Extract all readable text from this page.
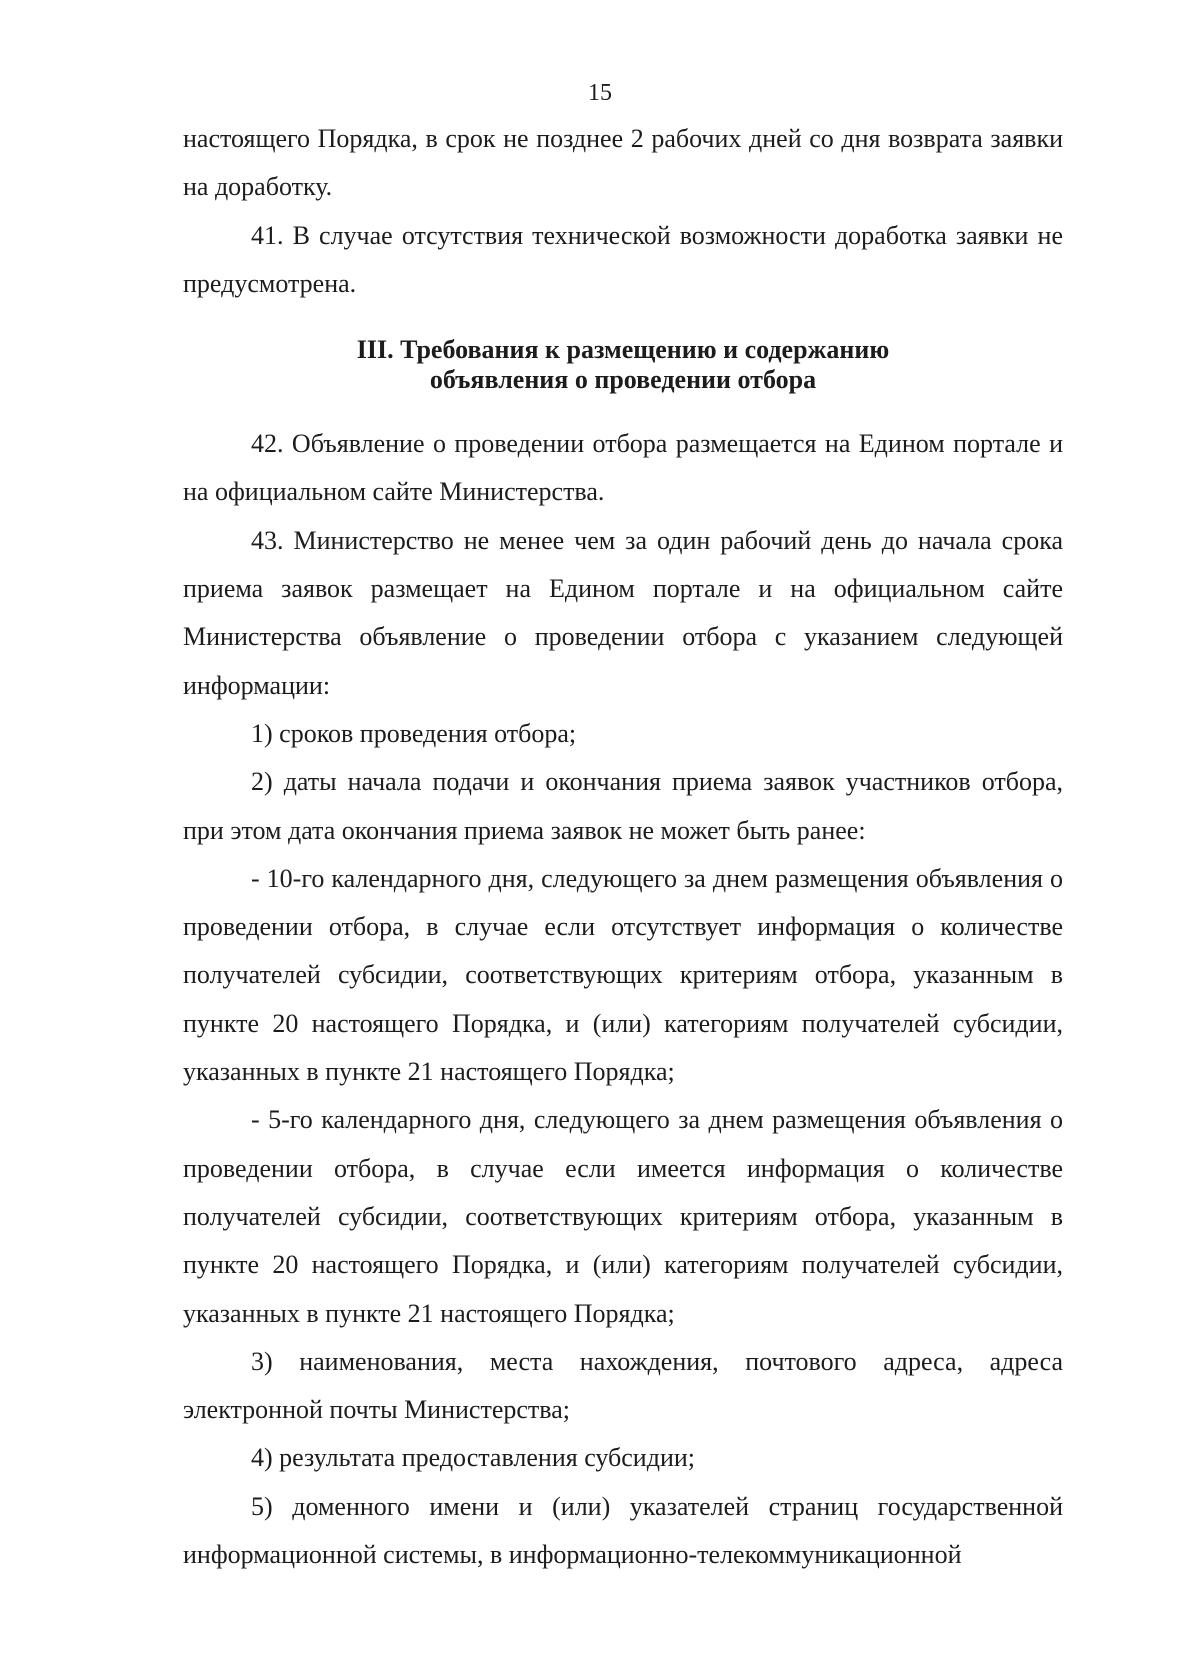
15

настоящего Порядка, в срок не позднее 2 рабочих дней со дня возврата заявки на доработку.

41. В случае отсутствия технической возможности доработка заявки не предусмотрена.

III. Требования к размещению и содержанию
объявления о проведении отбора

42. Объявление о проведении отбора размещается на Едином портале и на официальном сайте Министерства.

43. Министерство не менее чем за один рабочий день до начала срока приема заявок размещает на Едином портале и на официальном сайте Министерства объявление о проведении отбора с указанием следующей информации:

1) сроков проведения отбора;

2) даты начала подачи и окончания приема заявок участников отбора, при этом дата окончания приема заявок не может быть ранее:

- 10-го календарного дня, следующего за днем размещения объявления о проведении отбора, в случае если отсутствует информация о количестве получателей субсидии, соответствующих критериям отбора, указанным в пункте 20 настоящего Порядка, и (или) категориям получателей субсидии, указанных в пункте 21 настоящего Порядка;

- 5-го календарного дня, следующего за днем размещения объявления о проведении отбора, в случае если имеется информация о количестве получателей субсидии, соответствующих критериям отбора, указанным в пункте 20 настоящего Порядка, и (или) категориям получателей субсидии, указанных в пункте 21 настоящего Порядка;

3) наименования, места нахождения, почтового адреса, адреса электронной почты Министерства;

4) результата предоставления субсидии;

5) доменного имени и (или) указателей страниц государственной информационной системы, в информационно-телекоммуникационной
